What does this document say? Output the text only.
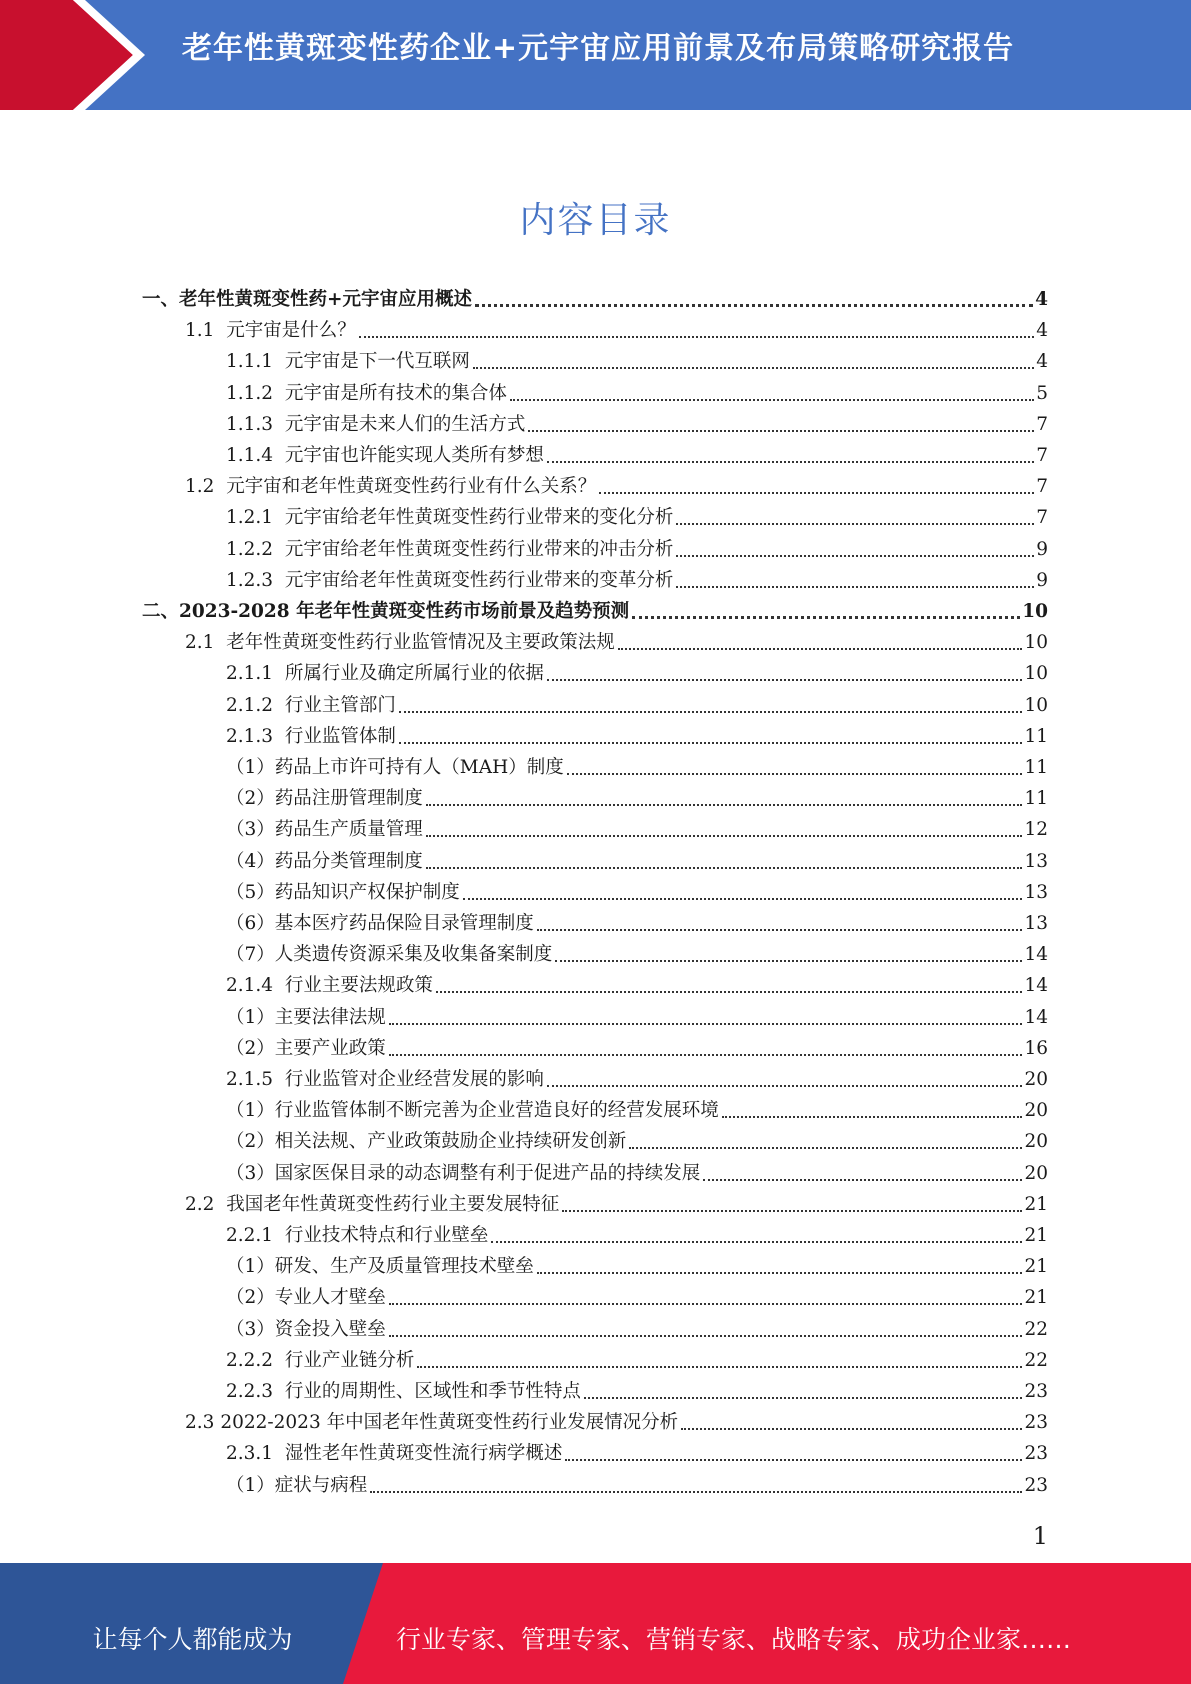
老年性黄斑变性药企业+元宇宙应用前景及布局策略研究报告
内容目录
一、 老年性黄斑变性药+元宇宙应用概述	4
1.1 元宇宙是什么？	4
1.1.1 元宇宙是下一代互联网	4
1.1.2 元宇宙是所有技术的集合体	5
1.1.3 元宇宙是未来人们的生活方式	7
1.1.4 元宇宙也许能实现人类所有梦想	7
1.2 元宇宙和老年性黄斑变性药行业有什么关系？	7
1.2.1 元宇宙给老年性黄斑变性药行业带来的变化分析	7
1.2.2 元宇宙给老年性黄斑变性药行业带来的冲击分析	9
1.2.3 元宇宙给老年性黄斑变性药行业带来的变革分析	9
二、 2023-2028 年老年性黄斑变性药市场前景及趋势预测	10
2.1 老年性黄斑变性药行业监管情况及主要政策法规	10
2.1.1 所属行业及确定所属行业的依据	10
2.1.2 行业主管部门	10
2.1.3 行业监管体制	11
（1）药品上市许可持有人（MAH）制度	11
（2）药品注册管理制度	11
（3）药品生产质量管理	12
（4）药品分类管理制度	13
（5）药品知识产权保护制度	13
（6）基本医疗药品保险目录管理制度	13
（7）人类遗传资源采集及收集备案制度	14
2.1.4 行业主要法规政策	14
（1）主要法律法规	14
（2）主要产业政策	16
2.1.5 行业监管对企业经营发展的影响	20
（1）行业监管体制不断完善为企业营造良好的经营发展环境	20
（2）相关法规、产业政策鼓励企业持续研发创新	20
（3）国家医保目录的动态调整有利于促进产品的持续发展	20
2.2 我国老年性黄斑变性药行业主要发展特征	21
2.2.1 行业技术特点和行业壁垒	21
（1）研发、生产及质量管理技术壁垒	21
（2）专业人才壁垒	21
（3）资金投入壁垒	22
2.2.2 行业产业链分析	22
2.2.3 行业的周期性、区域性和季节性特点	23
2.3 2022-2023 年中国老年性黄斑变性药行业发展情况分析	23
2.3.1 湿性老年性黄斑变性流行病学概述	23
（1）症状与病程	23
1
让每个人都能成为	行业专家、管理专家、营销专家、战略专家、成功企业家……
